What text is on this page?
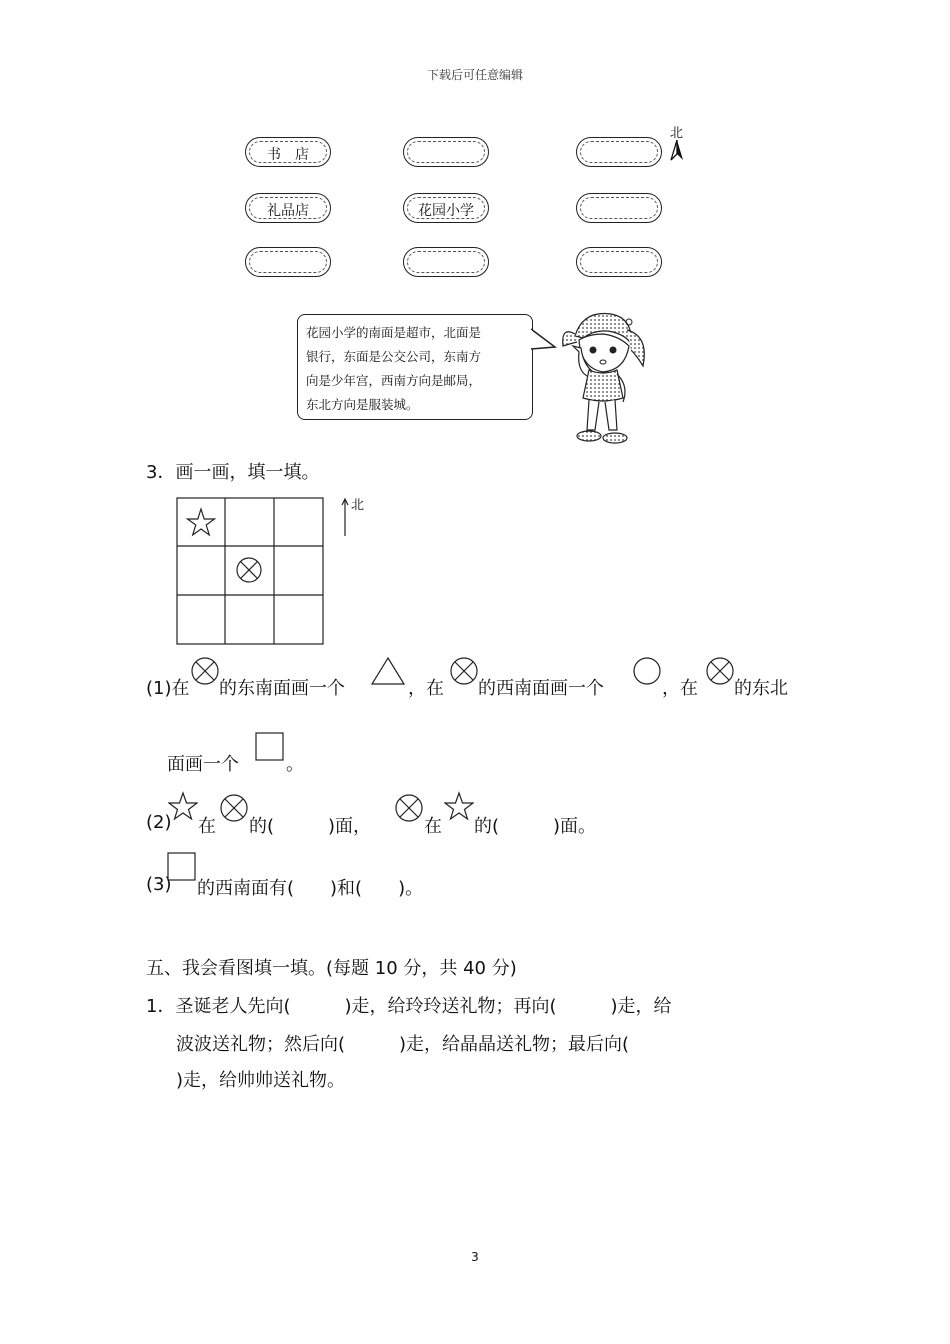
下载后可任意编辑
书　店
礼品店	花园小学
北
花园小学的南面是超市，北面是
银行，东面是公交公司，东南方
向是少年宫，西南方向是邮局，
东北方向是服装城。
3．画一画，填一填。
北
(1)在 的东南面画一个	，在 的西南面画一个	，在 的东北
面画一个	。
(2) 在 的(　　　)面，	在 的(　　　)面。
(3) 的西南面有(　　)和(　　)。
五、我会看图填一填。(每题 10 分，共 40 分)
1．圣诞老人先向(　　　)走，给玲玲送礼物；再向(　　　)走，给
波波送礼物；然后向(　　　)走，给晶晶送礼物；最后向(
)走，给帅帅送礼物。
3
